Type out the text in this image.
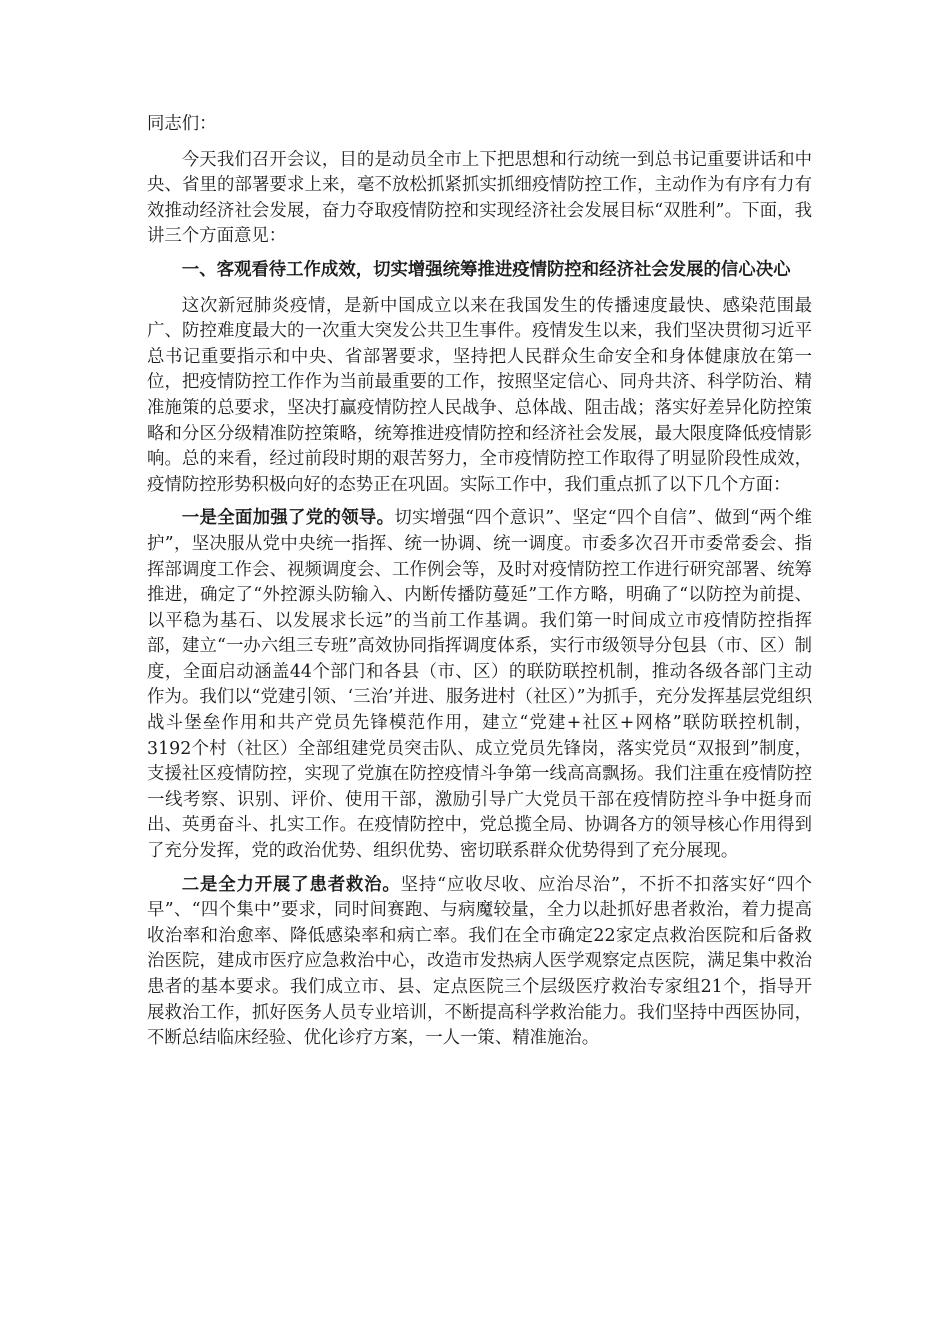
同志们：

今天我们召开会议，目的是动员全市上下把思想和行动统一到总书记重要讲话和中央、省里的部署要求上来，毫不放松抓紧抓实抓细疫情防控工作，主动作为有序有力有效推动经济社会发展，奋力夺取疫情防控和实现经济社会发展目标“双胜利”。下面，我讲三个方面意见：

一、客观看待工作成效，切实增强统筹推进疫情防控和经济社会发展的信心决心

这次新冠肺炎疫情，是新中国成立以来在我国发生的传播速度最快、感染范围最广、防控难度最大的一次重大突发公共卫生事件。疫情发生以来，我们坚决贯彻习近平总书记重要指示和中央、省部署要求，坚持把人民群众生命安全和身体健康放在第一位，把疫情防控工作作为当前最重要的工作，按照坚定信心、同舟共济、科学防治、精准施策的总要求，坚决打赢疫情防控人民战争、总体战、阻击战；落实好差异化防控策略和分区分级精准防控策略，统筹推进疫情防控和经济社会发展，最大限度降低疫情影响。总的来看，经过前段时期的艰苦努力，全市疫情防控工作取得了明显阶段性成效，疫情防控形势积极向好的态势正在巩固。实际工作中，我们重点抓了以下几个方面：

一是全面加强了党的领导。切实增强“四个意识”、坚定“四个自信”、做到“两个维护”，坚决服从党中央统一指挥、统一协调、统一调度。市委多次召开市委常委会、指挥部调度工作会、视频调度会、工作例会等，及时对疫情防控工作进行研究部署、统筹推进，确定了“外控源头防输入、内断传播防蔓延”工作方略，明确了“以防控为前提、以平稳为基石、以发展求长远”的当前工作基调。我们第一时间成立市疫情防控指挥部，建立“一办六组三专班”高效协同指挥调度体系，实行市级领导分包县（市、区）制度，全面启动涵盖44个部门和各县（市、区）的联防联控机制，推动各级各部门主动作为。我们以“党建引领、‘三治’并进、服务进村（社区）”为抓手，充分发挥基层党组织战斗堡垒作用和共产党员先锋模范作用，建立“党建+社区+网格”联防联控机制，3192个村（社区）全部组建党员突击队、成立党员先锋岗，落实党员“双报到”制度，支援社区疫情防控，实现了党旗在防控疫情斗争第一线高高飘扬。我们注重在疫情防控一线考察、识别、评价、使用干部，激励引导广大党员干部在疫情防控斗争中挺身而出、英勇奋斗、扎实工作。在疫情防控中，党总揽全局、协调各方的领导核心作用得到了充分发挥，党的政治优势、组织优势、密切联系群众优势得到了充分展现。

二是全力开展了患者救治。坚持“应收尽收、应治尽治”，不折不扣落实好“四个早”、“四个集中”要求，同时间赛跑、与病魔较量，全力以赴抓好患者救治，着力提高收治率和治愈率、降低感染率和病亡率。我们在全市确定22家定点救治医院和后备救治医院，建成市医疗应急救治中心，改造市发热病人医学观察定点医院，满足集中救治患者的基本要求。我们成立市、县、定点医院三个层级医疗救治专家组21个，指导开展救治工作，抓好医务人员专业培训，不断提高科学救治能力。我们坚持中西医协同，不断总结临床经验、优化诊疗方案，一人一策、精准施治。
